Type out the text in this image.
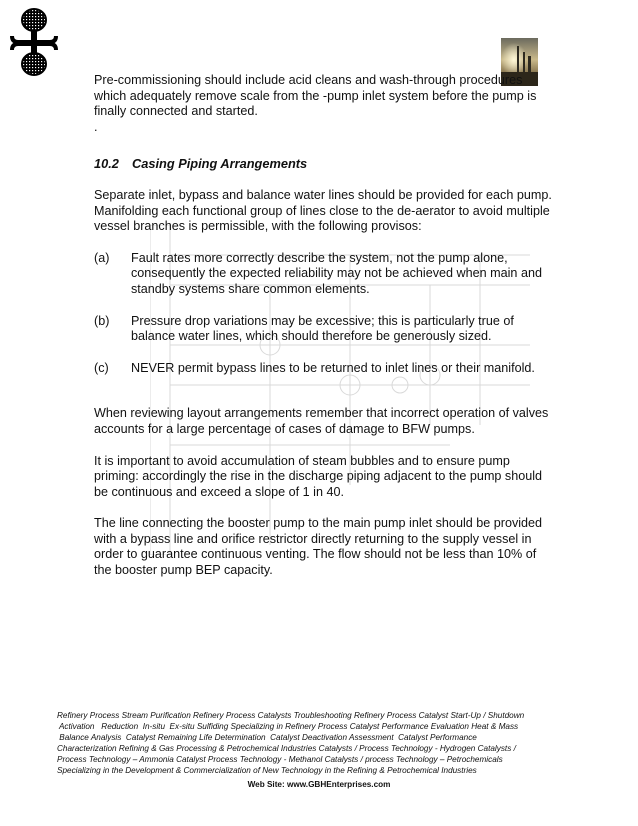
Pre-commissioning should include acid cleans and wash-through procedures which adequately remove scale from the -pump inlet system before the pump is finally connected and started.

.

10.2 Casing Piping Arrangements

Separate inlet, bypass and balance water lines should be provided for each pump. Manifolding each functional group of lines close to the de-aerator to avoid multiple vessel branches is permissible, with the following provisos:

(a)	Fault rates more correctly describe the system, not the pump alone, consequently the expected reliability may not be achieved when main and standby systems share common elements.
(b)	Pressure drop variations may be excessive; this is particularly true of balance water lines, which should therefore be generously sized.
(c)	NEVER permit bypass lines to be returned to inlet lines or their manifold.

When reviewing layout arrangements remember that incorrect operation of valves accounts for a large percentage of cases of damage to BFW pumps.

It is important to avoid accumulation of steam bubbles and to ensure pump priming: accordingly the rise in the discharge piping adjacent to the pump should be continuous and exceed a slope of 1 in 40.

The line connecting the booster pump to the main pump inlet should be provided with a bypass line and orifice restrictor directly returning to the supply vessel in order to guarantee continuous venting. The flow should not be less than 10% of the booster pump BEP capacity.

Refinery Process Stream Purification Refinery Process Catalysts Troubleshooting Refinery Process Catalyst Start-Up / Shutdown
Activation   Reduction  In-situ  Ex-situ Sulfiding Specializing in Refinery Process Catalyst Performance Evaluation Heat & Mass
Balance Analysis  Catalyst Remaining Life Determination  Catalyst Deactivation Assessment  Catalyst Performance
Characterization Refining & Gas Processing & Petrochemical Industries Catalysts / Process Technology - Hydrogen Catalysts /
Process Technology – Ammonia Catalyst Process Technology - Methanol Catalysts / process Technology – Petrochemicals
Specializing in the Development & Commercialization of New Technology in the Refining & Petrochemical Industries
Web Site: www.GBHEnterprises.com
